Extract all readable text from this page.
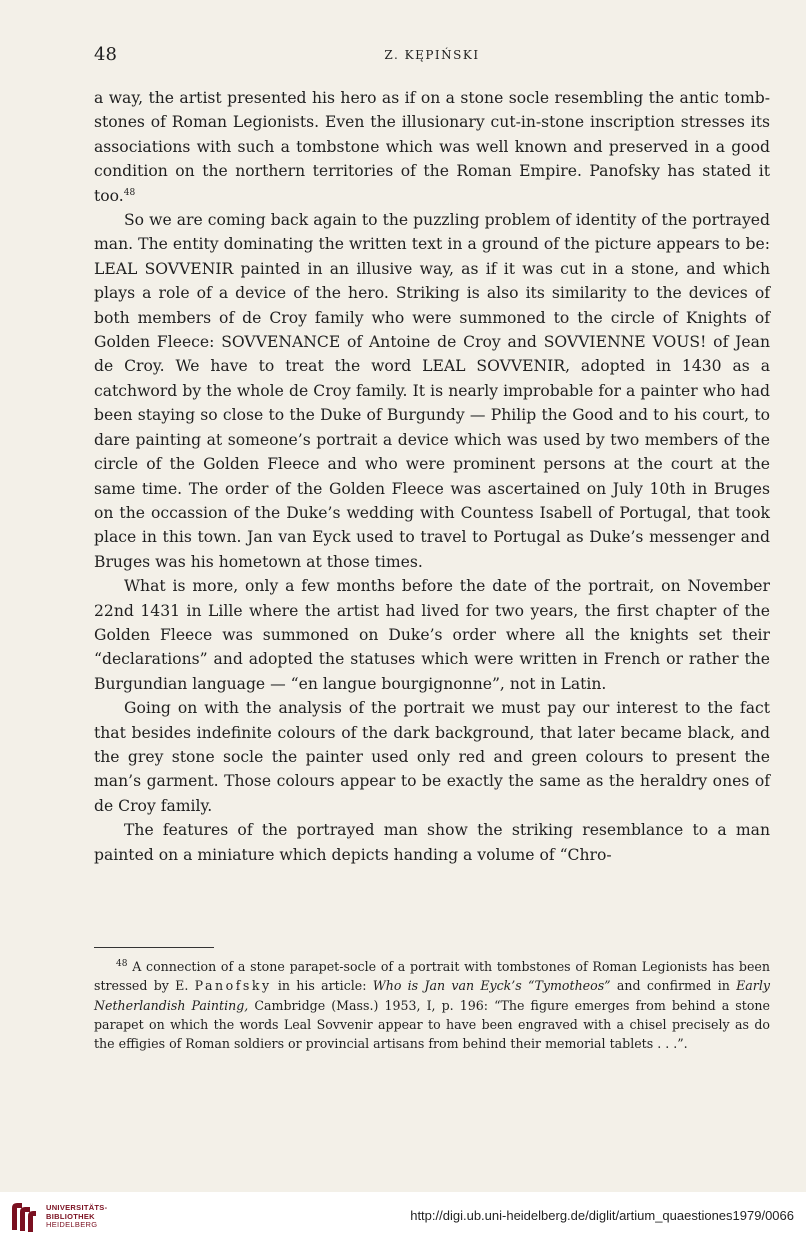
48	Z. KĘPIŃSKI

a way, the artist presented his hero as if on a stone socle resembling the antic tomb-stones of Roman Legionists. Even the illusionary cut-in-stone inscription stresses its associations with such a tombstone which was well known and preserved in a good condition on the northern territories of the Roman Empire. Panofsky has stated it too.$^{48}$

So we are coming back again to the puzzling problem of identity of the portrayed man. The entity dominating the written text in a ground of the picture appears to be: LEAL SOVVENIR painted in an illusive way, as if it was cut in a stone, and which plays a role of a device of the hero. Striking is also its similarity to the devices of both members of de Croy family who were summoned to the circle of Knights of Golden Fleece: SOVVENANCE of Antoine de Croy and SOVVIENNE VOUS! of Jean de Croy. We have to treat the word LEAL SOVVENIR, adopted in 1430 as a catchword by the whole de Croy family. It is nearly improbable for a painter who had been staying so close to the Duke of Burgundy — Philip the Good and to his court, to dare painting at someone’s portrait a device which was used by two members of the circle of the Golden Fleece and who were prominent persons at the court at the same time. The order of the Golden Fleece was ascertained on July 10th in Bruges on the occassion of the Duke’s wedding with Countess Isabell of Portugal, that took place in this town. Jan van Eyck used to travel to Portugal as Duke’s messenger and Bruges was his hometown at those times.

What is more, only a few months before the date of the portrait, on November 22nd 1431 in Lille where the artist had lived for two years, the first chapter of the Golden Fleece was summoned on Duke’s order where all the knights set their “declarations” and adopted the statuses which were written in French or rather the Burgundian language — “en langue bourgignonne”, not in Latin.

Going on with the analysis of the portrait we must pay our interest to the fact that besides indefinite colours of the dark background, that later became black, and the grey stone socle the painter used only red and green colours to present the man’s garment. Those colours appear to be exactly the same as the heraldry ones of de Croy family.

The features of the portrayed man show the striking resemblance to a man painted on a miniature which depicts handing a volume of “Chro-

$^{48}$ A connection of a stone parapet-socle of a portrait with tombstones of Roman Legionists has been stressed by E. Panofsky in his article: Who is Jan van Eyck’s “Tymotheos” and confirmed in Early Netherlandish Painting, Cambridge (Mass.) 1953, I, p. 196: “The figure emerges from behind a stone parapet on which the words Leal Sovvenir appear to have been engraved with a chisel precisely as do the effigies of Roman soldiers or provincial artisans from behind their memorial tablets . . .”.
UNIVERSITÄTS-
BIBLIOTHEK
HEIDELBERG
http://digi.ub.uni-heidelberg.de/diglit/artium_quaestiones1979/0066
